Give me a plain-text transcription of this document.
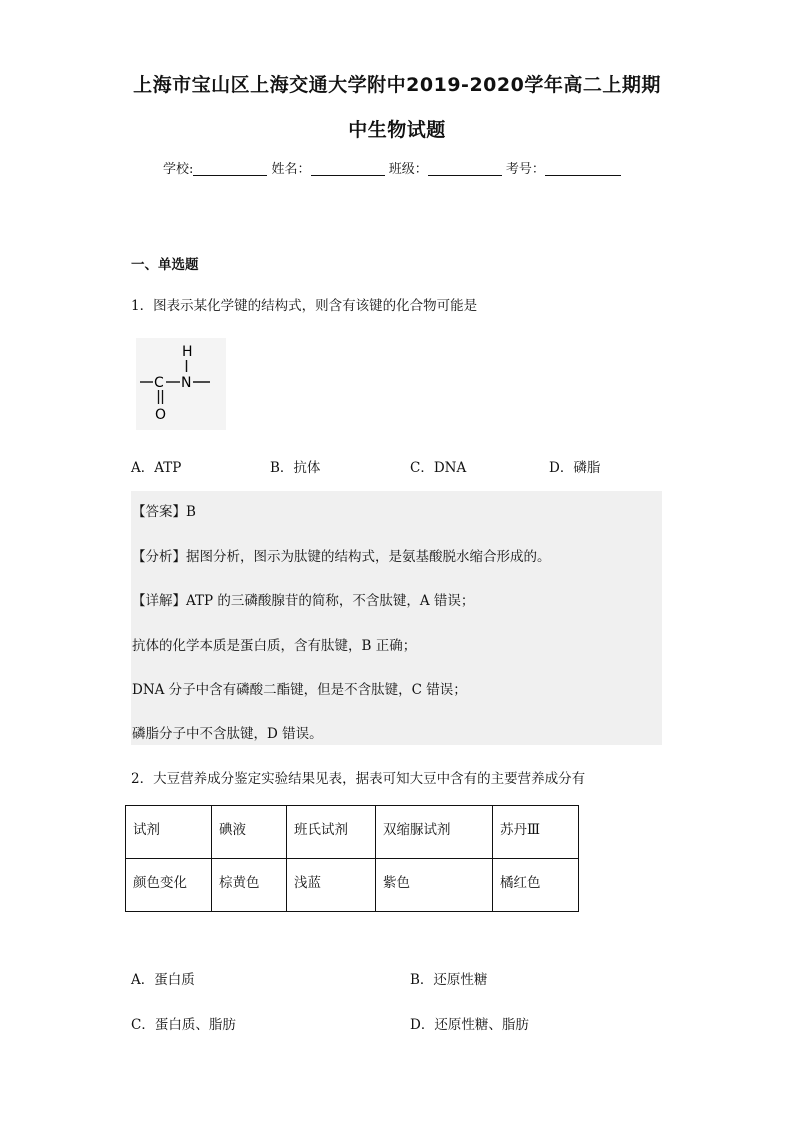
上海市宝山区上海交通大学附中2019-2020学年高二上期期
中生物试题
学校:	姓名：	班级：	考号：
一、单选题
1．图表示某化学键的结构式，则含有该键的化合物可能是
H
C N
O
A．ATP	B．抗体	C．DNA	D．磷脂
【答案】B
【分析】据图分析，图示为肽键的结构式，是氨基酸脱水缩合形成的。
【详解】ATP 的三磷酸腺苷的简称，不含肽键，A 错误；
抗体的化学本质是蛋白质，含有肽键，B 正确；
DNA 分子中含有磷酸二酯键，但是不含肽键，C 错误；
磷脂分子中不含肽键，D 错误。
2．大豆营养成分鉴定实验结果见表，据表可知大豆中含有的主要营养成分有
试剂	碘液	班氏试剂	双缩脲试剂	苏丹Ⅲ
颜色变化	棕黄色	浅蓝	紫色	橘红色
A．蛋白质	B．还原性糖
C．蛋白质、脂肪	D．还原性糖、脂肪
